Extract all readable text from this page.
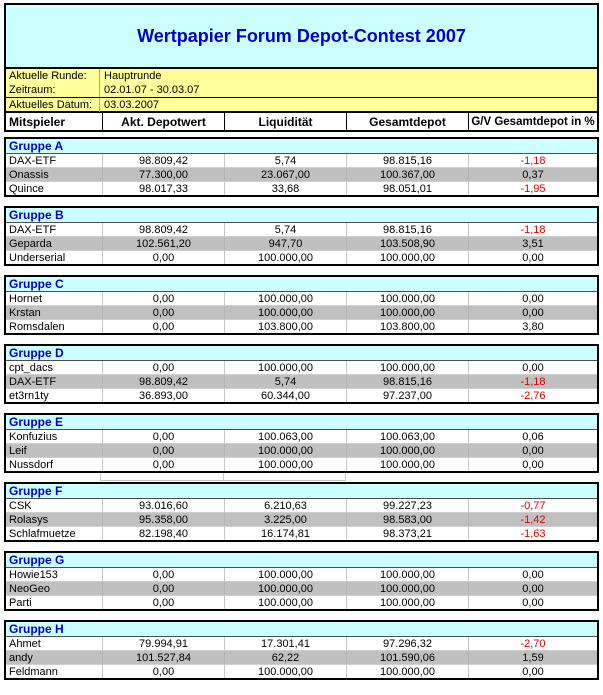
Wertpapier Forum Depot-Contest 2007
Aktuelle Runde:	Hauptrunde
Zeitraum:	02.01.07 - 30.03.07
Aktuelles Datum:	03.03.2007
Mitspieler	Akt. Depotwert	Liquidität	Gesamtdepot	G/V Gesamtdepot in %
Gruppe A
DAX-ETF	98.809,42	5,74	98.815,16	-1,18
Onassis	77.300,00	23.067,00	100.367,00	0,37
Quince	98.017,33	33,68	98.051,01	-1,95
Gruppe B
DAX-ETF	98.809,42	5,74	98.815,16	-1,18
Geparda	102.561,20	947,70	103.508,90	3,51
Underserial	0,00	100.000,00	100.000,00	0,00
Gruppe C
Hornet	0,00	100.000,00	100.000,00	0,00
Krstan	0,00	100.000,00	100.000,00	0,00
Romsdalen	0,00	103.800,00	103.800,00	3,80
Gruppe D
cpt_dacs	0,00	100.000,00	100.000,00	0,00
DAX-ETF	98.809,42	5,74	98.815,16	-1,18
et3rn1ty	36.893,00	60.344,00	97.237,00	-2,76
Gruppe E
Konfuzius	0,00	100.063,00	100.063,00	0,06
Leif	0,00	100.000,00	100.000,00	0,00
Nussdorf	0,00	100.000,00	100.000,00	0,00
Gruppe F
CSK	93.016,60	6.210,63	99.227,23	-0,77
Rolasys	95.358,00	3.225,00	98.583,00	-1,42
Schlafmuetze	82.198,40	16.174,81	98.373,21	-1,63
Gruppe G
Howie153	0,00	100.000,00	100.000,00	0,00
NeoGeo	0,00	100.000,00	100.000,00	0,00
Parti	0,00	100.000,00	100.000,00	0,00
Gruppe H
Ahmet	79.994,91	17.301,41	97.296,32	-2,70
andy	101.527,84	62,22	101.590,06	1,59
Feldmann	0,00	100.000,00	100.000,00	0,00
